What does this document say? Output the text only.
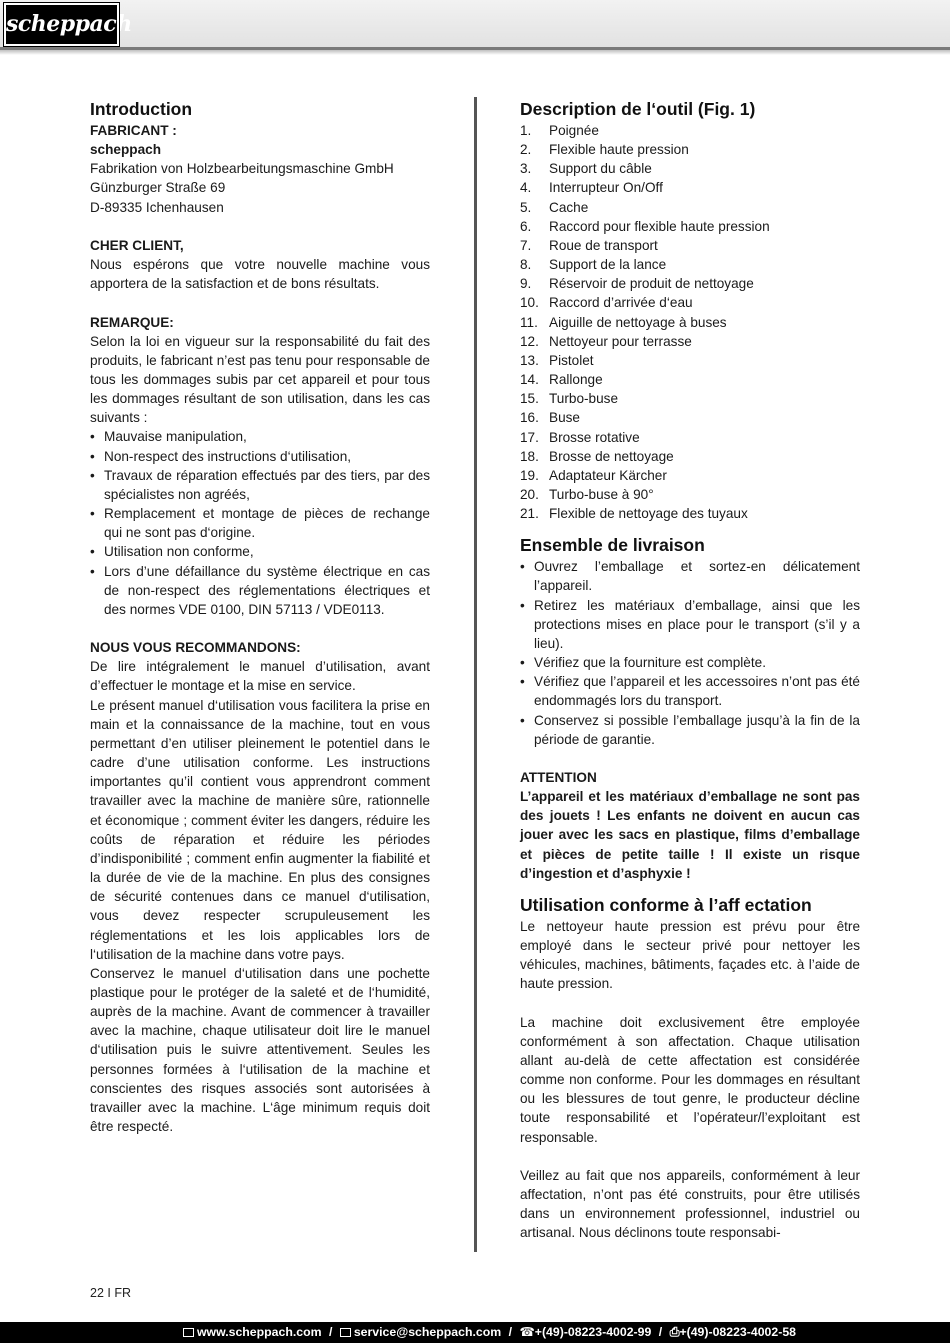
scheppach
Introduction
FABRICANT :
scheppach
Fabrikation von Holzbearbeitungsmaschine GmbH
Günzburger Straße 69
D-89335 Ichenhausen
CHER CLIENT,

Nous espérons que votre nouvelle machine vous apportera de la satisfaction et de bons résultats.

REMARQUE:

Selon la loi en vigueur sur la responsabilité du fait des produits, le fabricant n’est pas tenu pour responsable de tous les dommages subis par cet appareil et pour tous les dommages résultant de son utilisation, dans les cas suivants :

• Mauvaise manipulation,
• Non-respect des instructions d‘utilisation,
• Travaux de réparation effectués par des tiers, par des spécialistes non agréés,
• Remplacement et montage de pièces de rechange qui ne sont pas d‘origine.
• Utilisation non conforme,
• Lors d’une défaillance du système électrique en cas de non-respect des réglementations électriques et des normes VDE 0100, DIN 57113 / VDE0113.
NOUS VOUS RECOMMANDONS:

De lire intégralement le manuel d’utilisation, avant d’effectuer le montage et la mise en service.

Le présent manuel d‘utilisation vous facilitera la prise en main et la connaissance de la machine, tout en vous permettant d’en utiliser pleinement le potentiel dans le cadre d’une utilisation conforme. Les instructions importantes qu’il contient vous apprendront comment travailler avec la machine de manière sûre, rationnelle et économique ; comment éviter les dangers, réduire les coûts de réparation et réduire les périodes d’indisponibilité ; comment enfin augmenter la fiabilité et la durée de vie de la machine. En plus des consignes de sécurité contenues dans ce manuel d‘utilisation, vous devez respecter scrupuleusement les réglementations et les lois applicables lors de l‘utilisation de la machine dans votre pays.

Conservez le manuel d‘utilisation dans une pochette plastique pour le protéger de la saleté et de l‘humidité, auprès de la machine. Avant de commencer à travailler avec la machine, chaque utilisateur doit lire le manuel d‘utilisation puis le suivre attentivement. Seules les personnes formées à l‘utilisation de la machine et conscientes des risques associés sont autorisées à travailler avec la machine. L‘âge minimum requis doit être respecté.

Description de l‘outil (Fig. 1)
1.	Poignée
2.	Flexible haute pression
3.	Support du câble
4.	Interrupteur On/Off
5.	Cache
6.	Raccord pour flexible haute pression
7.	Roue de transport
8.	Support de la lance
9.	Réservoir de produit de nettoyage
10. Raccord d’arrivée d‘eau
11. Aiguille de nettoyage à buses
12. Nettoyeur pour terrasse
13. Pistolet
14. Rallonge
15. Turbo-buse
16. Buse
17. Brosse rotative
18. Brosse de nettoyage
19. Adaptateur Kärcher
20. Turbo-buse à 90°
21. Flexible de nettoyage des tuyaux
Ensemble de livraison
• Ouvrez l’emballage et sortez-en délicatement l’appareil.
• Retirez les matériaux d’emballage, ainsi que les protections mises en place pour le transport (s’il y a lieu).
• Vérifiez que la fourniture est complète.
• Vérifiez que l’appareil et les accessoires n’ont pas été endommagés lors du transport.
• Conservez si possible l’emballage jusqu’à la fin de la période de garantie.
ATTENTION

L’appareil et les matériaux d’emballage ne sont pas des jouets ! Les enfants ne doivent en aucun cas jouer avec les sacs en plastique, films d’emballage et pièces de petite taille ! Il existe un risque d’ingestion et d’asphyxie !

Utilisation conforme à l’aff ectation

Le nettoyeur haute pression est prévu pour être employé dans le secteur privé pour nettoyer les véhicules, machines, bâtiments, façades etc. à l’aide de haute pression.

La machine doit exclusivement être employée conformément à son affectation. Chaque utilisation allant au-delà de cette affectation est considérée comme non conforme. Pour les dommages en résultant ou les blessures de tout genre, le producteur décline toute responsabilité et l’opérateur/l’exploitant est responsable.

Veillez au fait que nos appareils, conformément à leur affectation, n’ont pas été construits, pour être utilisés dans un environnement professionnel, industriel ou artisanal. Nous déclinons toute responsabi-

22 I FR
www.scheppach.com / service@scheppach.com / ☎+(49)-08223-4002-99 / ⎙+(49)-08223-4002-58
